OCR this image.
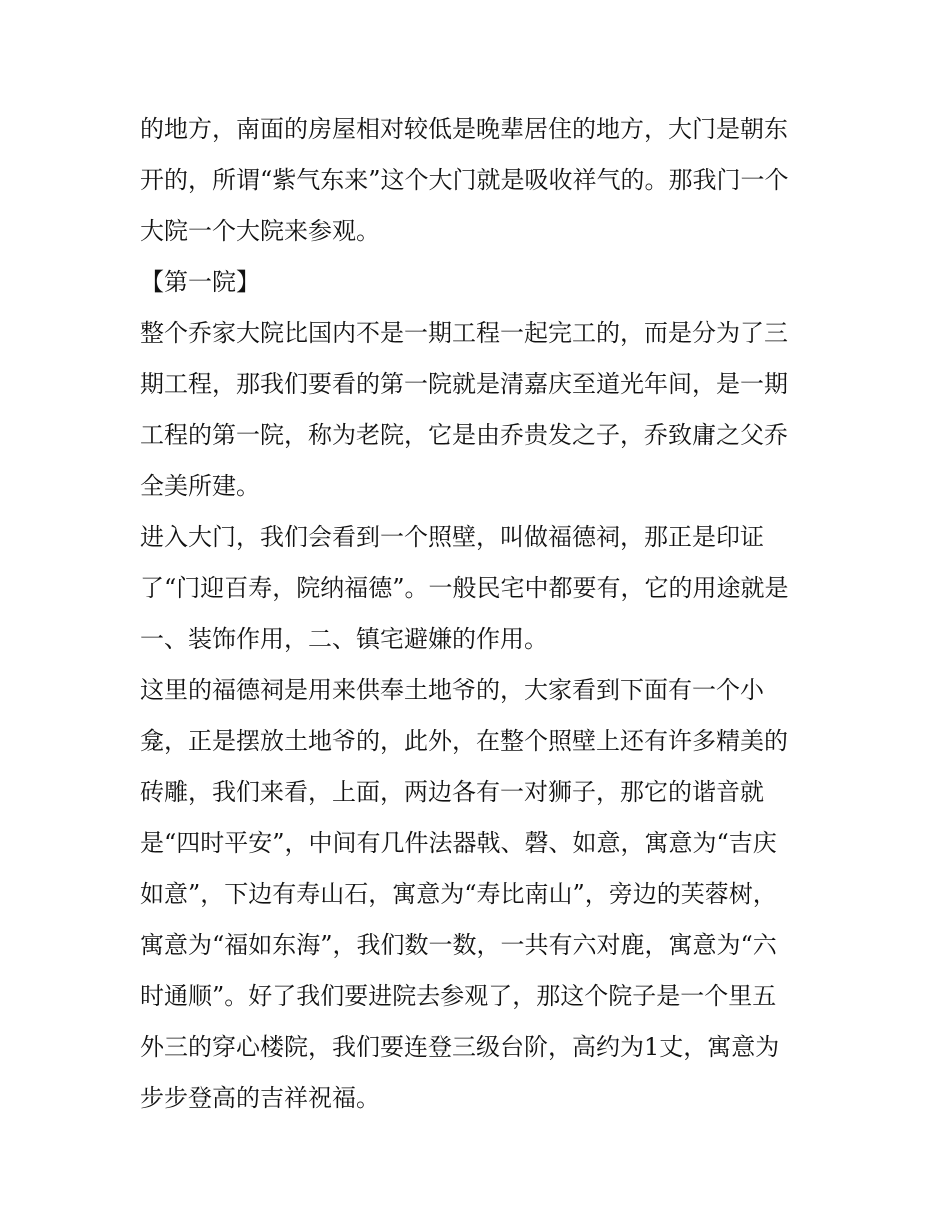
的地方，南面的房屋相对较低是晚辈居住的地方，大门是朝东
开的，所谓“紫气东来”这个大门就是吸收祥气的。那我门一个
大院一个大院来参观。
【第一院】
整个乔家大院比国内不是一期工程一起完工的，而是分为了三
期工程，那我们要看的第一院就是清嘉庆至道光年间，是一期
工程的第一院，称为老院，它是由乔贵发之子，乔致庸之父乔
全美所建。
进入大门，我们会看到一个照壁，叫做福德祠，那正是印证
了“门迎百寿，院纳福德”。一般民宅中都要有，它的用途就是
一、装饰作用，二、镇宅避嫌的作用。
这里的福德祠是用来供奉土地爷的，大家看到下面有一个小
龛，正是摆放土地爷的，此外，在整个照壁上还有许多精美的
砖雕，我们来看，上面，两边各有一对狮子，那它的谐音就
是“四时平安”，中间有几件法器戟、磬、如意，寓意为“吉庆
如意”，下边有寿山石，寓意为“寿比南山”，旁边的芙蓉树，
寓意为“福如东海”，我们数一数，一共有六对鹿，寓意为“六
时通顺”。好了我们要进院去参观了，那这个院子是一个里五
外三的穿心楼院，我们要连登三级台阶，高约为1丈，寓意为
步步登高的吉祥祝福。
